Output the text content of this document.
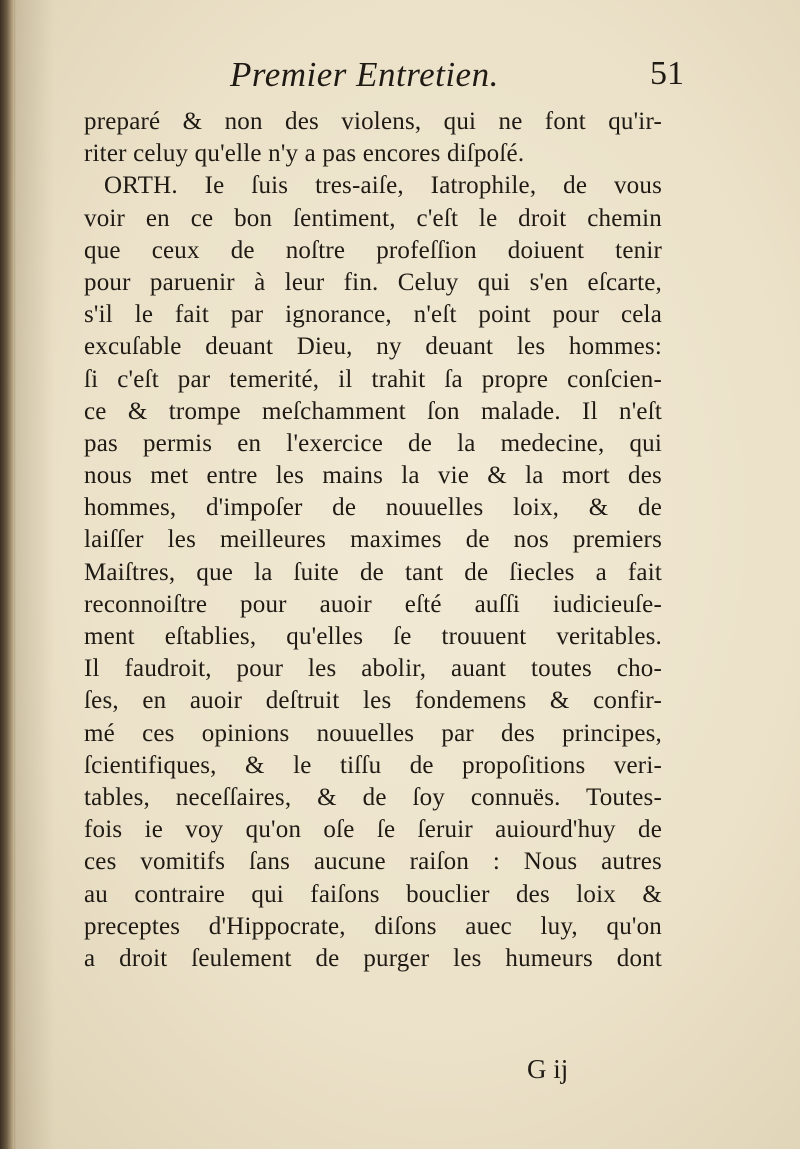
Premier Entretien.	51
preparé & non des violens, qui ne font qu'ir-
riter celuy qu'elle n'y a pas encores diſpoſé.
ORTH. Ie ſuis tres-aiſe, Iatrophile, de vous
voir en ce bon ſentiment, c'eſt le droit chemin
que ceux de noſtre profeſſion doiuent tenir
pour paruenir à leur fin. Celuy qui s'en eſcarte,
s'il le fait par ignorance, n'eſt point pour cela
excuſable deuant Dieu, ny deuant les hommes:
ſi c'eſt par temerité, il trahit ſa propre conſcien-
ce & trompe meſchamment ſon malade. Il n'eſt
pas permis en l'exercice de la medecine, qui
nous met entre les mains la vie & la mort des
hommes, d'impoſer de nouuelles loix, & de
laiſſer les meilleures maximes de nos premiers
Maiſtres, que la ſuite de tant de ſiecles a fait
reconnoiſtre pour auoir eſté auſſi iudicieuſe-
ment eſtablies, qu'elles ſe trouuent veritables.
Il faudroit, pour les abolir, auant toutes cho-
ſes, en auoir deſtruit les fondemens & confir-
mé ces opinions nouuelles par des principes,
ſcientifiques, & le tiſſu de propoſitions veri-
tables, neceſſaires, & de ſoy connuës. Toutes-
fois ie voy qu'on oſe ſe ſeruir auiourd'huy de
ces vomitifs ſans aucune raiſon : Nous autres
au contraire qui faiſons bouclier des loix &
preceptes d'Hippocrate, diſons auec luy, qu'on
a droit ſeulement de purger les humeurs dont
G ij
